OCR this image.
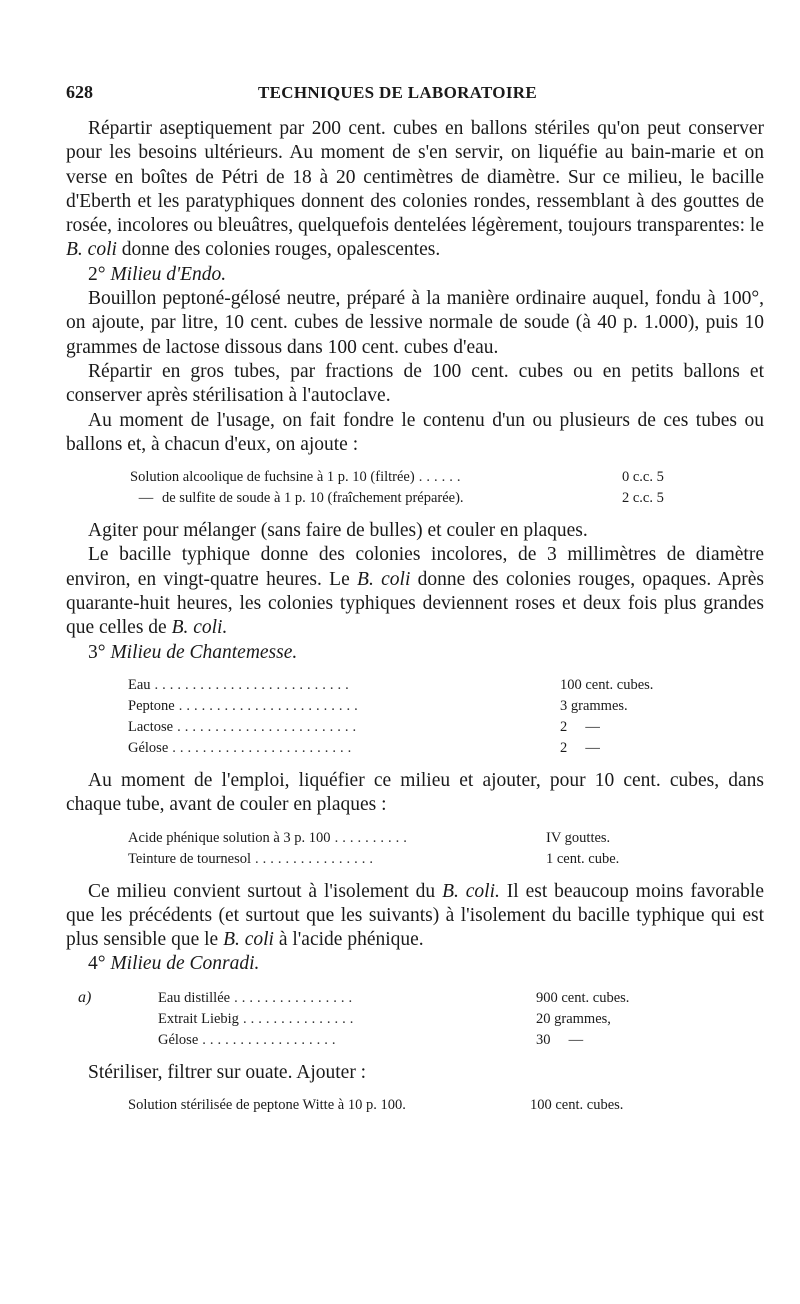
628	TECHNIQUES DE LABORATOIRE

Répartir aseptiquement par 200 cent. cubes en ballons stériles qu'on peut conserver pour les besoins ultérieurs. Au moment de s'en servir, on liquéfie au bain-marie et on verse en boîtes de Pétri de 18 à 20 centimètres de diamètre. Sur ce milieu, le bacille d'Eberth et les paratyphiques donnent des colonies rondes, ressemblant à des gouttes de rosée, incolores ou bleuâtres, quelquefois dentelées légèrement, toujours transparentes: le B. coli donne des colonies rouges, opalescentes.

2° Milieu d'Endo.

Bouillon peptoné-gélosé neutre, préparé à la manière ordinaire auquel, fondu à 100°, on ajoute, par litre, 10 cent. cubes de lessive normale de soude (à 40 p. 1.000), puis 10 grammes de lactose dissous dans 100 cent. cubes d'eau.

Répartir en gros tubes, par fractions de 100 cent. cubes ou en petits ballons et conserver après stérilisation à l'autoclave.

Au moment de l'usage, on fait fondre le contenu d'un ou plusieurs de ces tubes ou ballons et, à chacun d'eux, on ajoute :

Solution alcoolique de fuchsine à 1 p. 10 (filtrée) ......	0 c.c. 5
— de sulfite de soude à 1 p. 10 (fraîchement préparée).	2 c.c. 5

Agiter pour mélanger (sans faire de bulles) et couler en plaques.

Le bacille typhique donne des colonies incolores, de 3 millimètres de diamètre environ, en vingt-quatre heures. Le B. coli donne des colonies rouges, opaques. Après quarante-huit heures, les colonies typhiques deviennent roses et deux fois plus grandes que celles de B. coli.

3° Milieu de Chantemesse.

Eau ..........................	100 cent. cubes.
Peptone ........................	3 grammes.
Lactose ........................	2     —
Gélose ........................	2     —

Au moment de l'emploi, liquéfier ce milieu et ajouter, pour 10 cent. cubes, dans chaque tube, avant de couler en plaques :

Acide phénique solution à 3 p. 100 ..........	IV gouttes.
Teinture de tournesol ................	1 cent. cube.

Ce milieu convient surtout à l'isolement du B. coli. Il est beaucoup moins favorable que les précédents (et surtout que les suivants) à l'isolement du bacille typhique qui est plus sensible que le B. coli à l'acide phénique.

4° Milieu de Conradi.

a)	Eau distillée ................	900 cent. cubes.
Extrait Liebig ...............	20 grammes,
Gélose ..................	30     —

Stériliser, filtrer sur ouate. Ajouter :

Solution stérilisée de peptone Witte à 10 p. 100.	100 cent. cubes.
